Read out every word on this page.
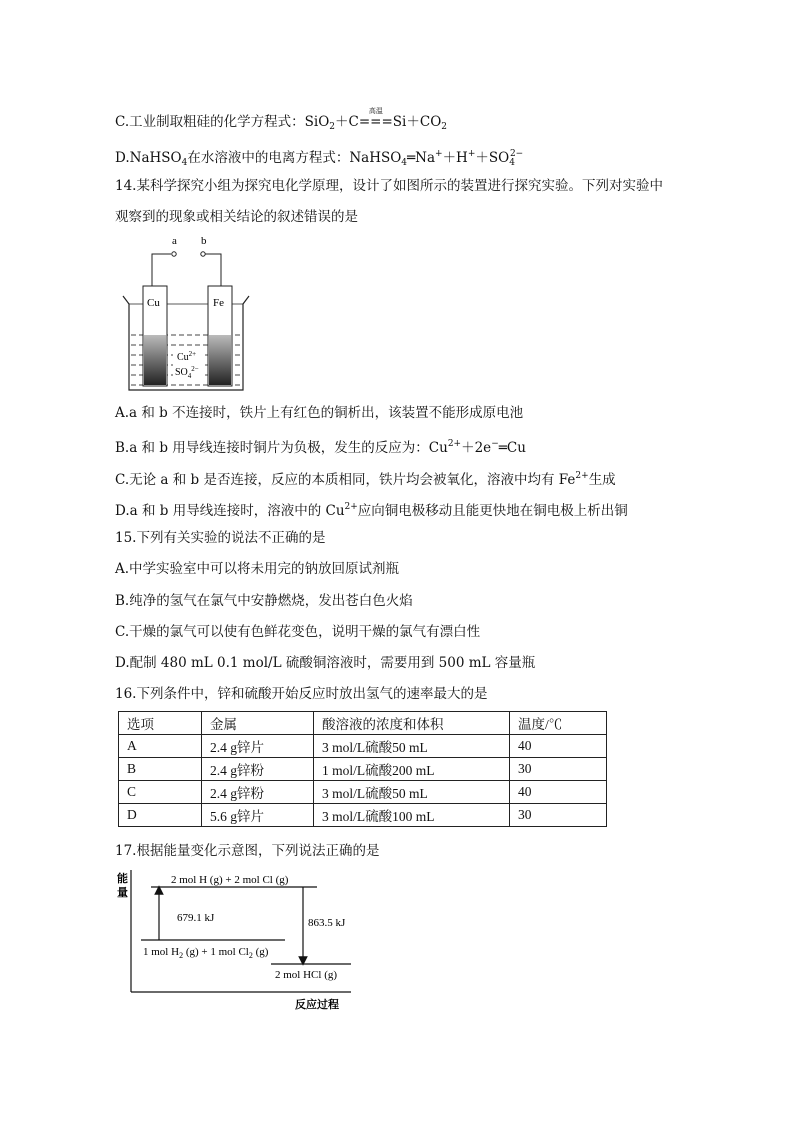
C.工业制取粗硅的化学方程式：SiO$_2$＋C
高温
$===Si+CO_2$
D.NaHSO$_4$在水溶液中的电离方程式：$NaHSO_4═Na^++H^++SO_4^{2-}$
14.某科学探究小组为探究电化学原理，设计了如图所示的装置进行探究实验。下列对实验中
观察到的现象或相关结论的叙述错误的是
a b
Cu	Fe
$Cu^{2+}$
$SO_4^{2-}$
A.a 和 b 不连接时，铁片上有红色的铜析出，该装置不能形成原电池
B.a 和 b 用导线连接时铜片为负极，发生的反应为：$Cu^{2+}+2e^-═Cu$
C.无论 a 和 b 是否连接，反应的本质相同，铁片均会被氧化，溶液中均有 $Fe^{2+}$生成
D.a 和 b 用导线连接时，溶液中的 $Cu^{2+}$应向铜电极移动且能更快地在铜电极上析出铜
15.下列有关实验的说法不正确的是
A.中学实验室中可以将未用完的钠放回原试剂瓶
B.纯净的氢气在氯气中安静燃烧，发出苍白色火焰
C.干燥的氯气可以使有色鲜花变色，说明干燥的氯气有漂白性
D.配制 480 mL 0.1 mol/L 硫酸铜溶液时，需要用到 500 mL 容量瓶
16.下列条件中，锌和硫酸开始反应时放出氢气的速率最大的是
选项	金属	酸溶液的浓度和体积	温度/℃
A	2.4 g锌片	3 mol/L硫酸50 mL	40
B	2.4 g锌粉	1 mol/L硫酸200 mL	30
C	2.4 g锌粉	3 mol/L硫酸50 mL	40
D	5.6 g锌片	3 mol/L硫酸100 mL	30
17.根据能量变化示意图，下列说法正确的是
能
量
反应过程
2 mol H (g) + 2 mol Cl (g)
1 mol $H_2$ (g) + 1 mol $Cl_2$ (g)
2 mol HCl (g)
679.1 kJ	863.5 kJ
